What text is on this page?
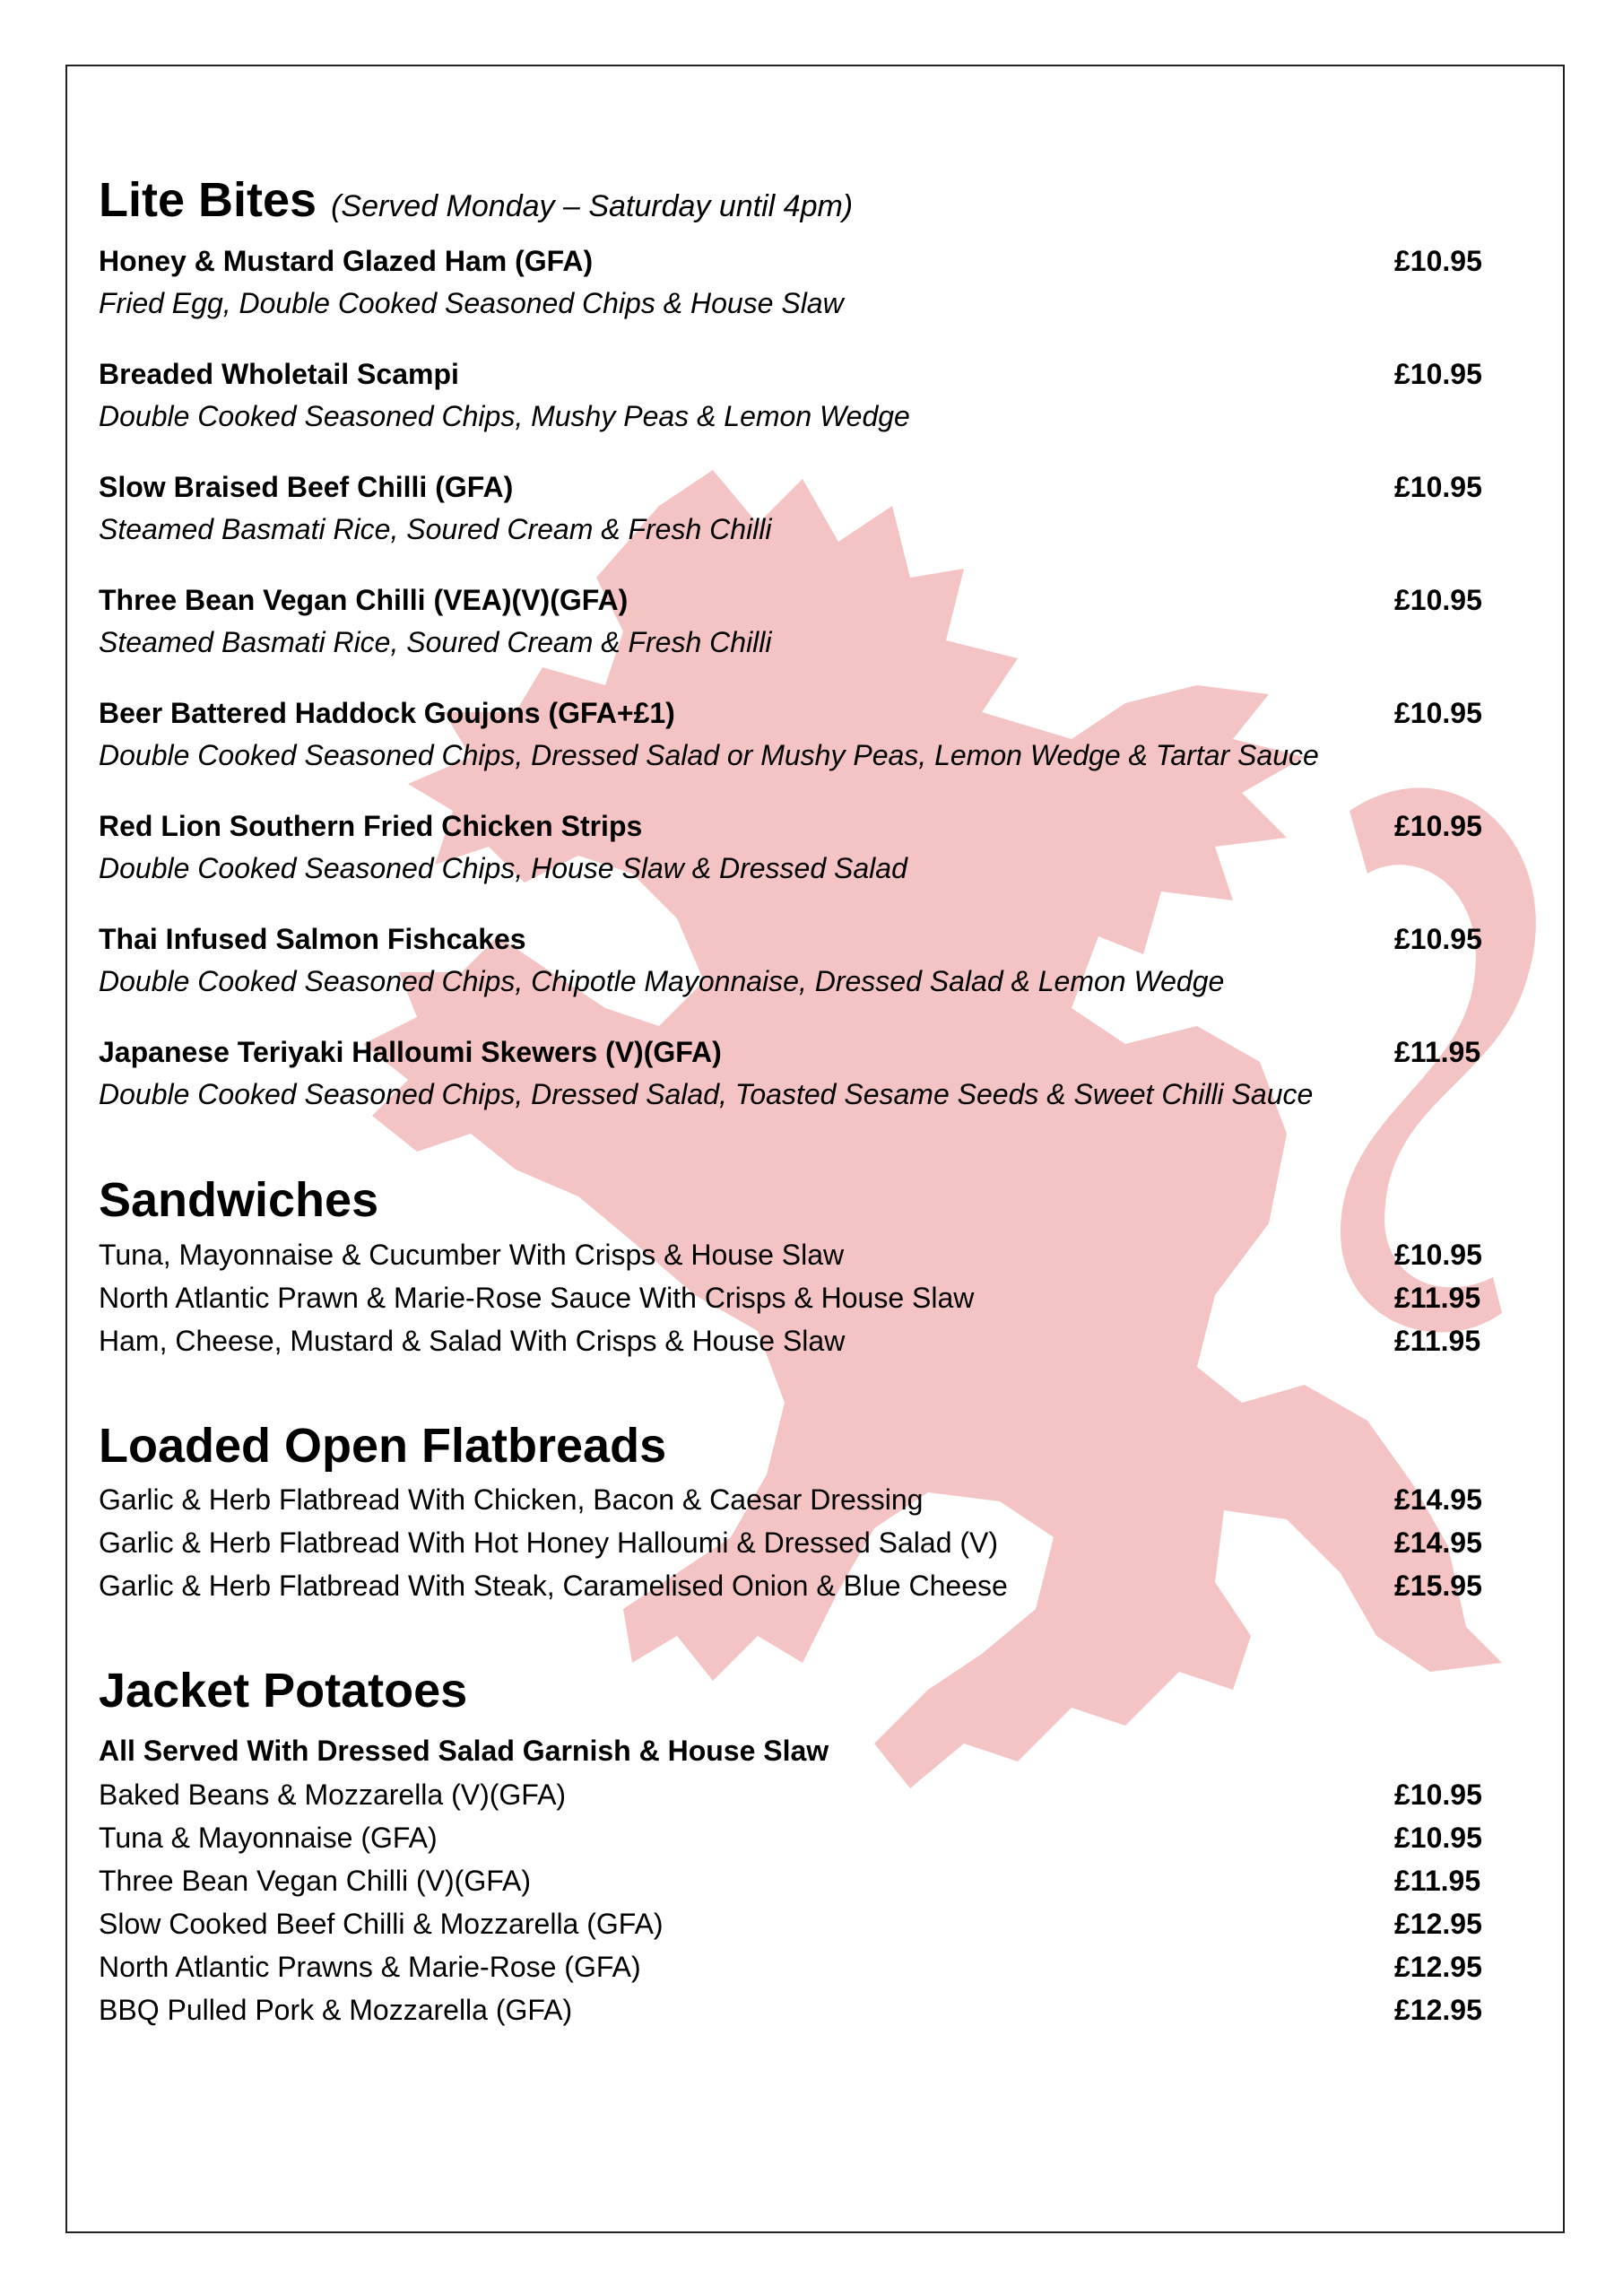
Lite Bites (Served Monday – Saturday until 4pm)
Honey & Mustard Glazed Ham (GFA)	£10.95
Fried Egg, Double Cooked Seasoned Chips & House Slaw
Breaded Wholetail Scampi	£10.95
Double Cooked Seasoned Chips, Mushy Peas & Lemon Wedge
Slow Braised Beef Chilli (GFA)	£10.95
Steamed Basmati Rice, Soured Cream & Fresh Chilli
Three Bean Vegan Chilli (VEA)(V)(GFA)	£10.95
Steamed Basmati Rice, Soured Cream & Fresh Chilli
Beer Battered Haddock Goujons (GFA+£1)	£10.95
Double Cooked Seasoned Chips, Dressed Salad or Mushy Peas, Lemon Wedge & Tartar Sauce
Red Lion Southern Fried Chicken Strips	£10.95
Double Cooked Seasoned Chips, House Slaw & Dressed Salad
Thai Infused Salmon Fishcakes	£10.95
Double Cooked Seasoned Chips, Chipotle Mayonnaise, Dressed Salad & Lemon Wedge
Japanese Teriyaki Halloumi Skewers (V)(GFA)	£11.95
Double Cooked Seasoned Chips, Dressed Salad, Toasted Sesame Seeds & Sweet Chilli Sauce
Sandwiches
Tuna, Mayonnaise & Cucumber With Crisps & House Slaw	£10.95
North Atlantic Prawn & Marie-Rose Sauce With Crisps & House Slaw	£11.95
Ham, Cheese, Mustard & Salad With Crisps & House Slaw	£11.95
Loaded Open Flatbreads
Garlic & Herb Flatbread With Chicken, Bacon & Caesar Dressing	£14.95
Garlic & Herb Flatbread With Hot Honey Halloumi & Dressed Salad (V)	£14.95
Garlic & Herb Flatbread With Steak, Caramelised Onion & Blue Cheese	£15.95
Jacket Potatoes
All Served With Dressed Salad Garnish & House Slaw
Baked Beans & Mozzarella (V)(GFA)	£10.95
Tuna & Mayonnaise (GFA)	£10.95
Three Bean Vegan Chilli (V)(GFA)	£11.95
Slow Cooked Beef Chilli & Mozzarella (GFA)	£12.95
North Atlantic Prawns & Marie-Rose (GFA)	£12.95
BBQ Pulled Pork & Mozzarella (GFA)	£12.95
